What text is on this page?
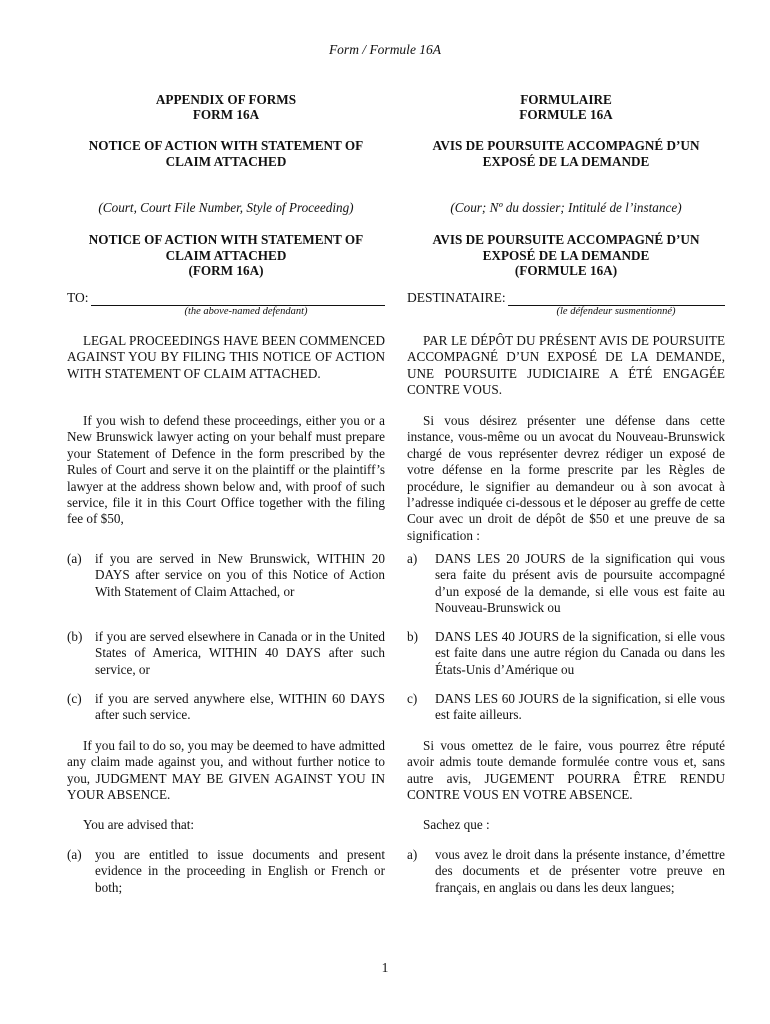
Form / Formule 16A
APPENDIX OF FORMS
FORM 16A
NOTICE OF ACTION WITH STATEMENT OF CLAIM ATTACHED
(Court, Court File Number, Style of Proceeding)
NOTICE OF ACTION WITH STATEMENT OF CLAIM ATTACHED
(FORM 16A)
TO:
(the above-named defendant)
LEGAL PROCEEDINGS HAVE BEEN COMMENCED AGAINST YOU BY FILING THIS NOTICE OF ACTION WITH STATEMENT OF CLAIM ATTACHED.
If you wish to defend these proceedings, either you or a New Brunswick lawyer acting on your behalf must prepare your Statement of Defence in the form prescribed by the Rules of Court and serve it on the plaintiff or the plaintiff’s lawyer at the address shown below and, with proof of such service, file it in this Court Office together with the filing fee of $50,
(a)	if you are served in New Brunswick, WITHIN 20 DAYS after service on you of this Notice of Action With Statement of Claim Attached, or
(b) if you are served elsewhere in Canada or in the United States of America, WITHIN 40 DAYS after such service, or
(c)	if you are served anywhere else, WITHIN 60 DAYS after such service.
If you fail to do so, you may be deemed to have admitted any claim made against you, and without further notice to you, JUDGMENT MAY BE GIVEN AGAINST YOU IN YOUR ABSENCE.
You are advised that:
(a)	you are entitled to issue documents and present evidence in the proceeding in English or French or both;
FORMULAIRE
FORMULE 16A
AVIS DE POURSUITE ACCOMPAGNÉ D’UN EXPOSÉ DE LA DEMANDE
(Cour; Nº du dossier; Intitulé de l’instance)
AVIS DE POURSUITE ACCOMPAGNÉ D’UN EXPOSÉ DE LA DEMANDE
(FORMULE 16A)
DESTINATAIRE:
(le défendeur susmentionné)
PAR LE DÉPÔT DU PRÉSENT AVIS DE POURSUITE ACCOMPAGNÉ D’UN EXPOSÉ DE LA DEMANDE, UNE POURSUITE JUDICIAIRE A ÉTÉ ENGAGÉE CONTRE VOUS.
Si vous désirez présenter une défense dans cette instance, vous-même ou un avocat du Nouveau-Brunswick chargé de vous représenter devrez rédiger un exposé de votre défense en la forme prescrite par les Règles de procédure, le signifier au demandeur ou à son avocat à l’adresse indiquée ci-dessous et le déposer au greffe de cette Cour avec un droit de dépôt de $50 et une preuve de sa signification :
a)	DANS LES 20 JOURS de la signification qui vous sera faite du présent avis de poursuite accompagné d’un exposé de la demande, si elle vous est faite au Nouveau-Brunswick ou
b)	DANS LES 40 JOURS de la signification, si elle vous est faite dans une autre région du Canada ou dans les États-Unis d’Amérique ou
c)	DANS LES 60 JOURS de la signification, si elle vous est faite ailleurs.
Si vous omettez de le faire, vous pourrez être réputé avoir admis toute demande formulée contre vous et, sans autre avis, JUGEMENT POURRA ÊTRE RENDU CONTRE VOUS EN VOTRE ABSENCE.
Sachez que :
a)	vous avez le droit dans la présente instance, d’émettre des documents et de présenter votre preuve en français, en anglais ou dans les deux langues;
1
